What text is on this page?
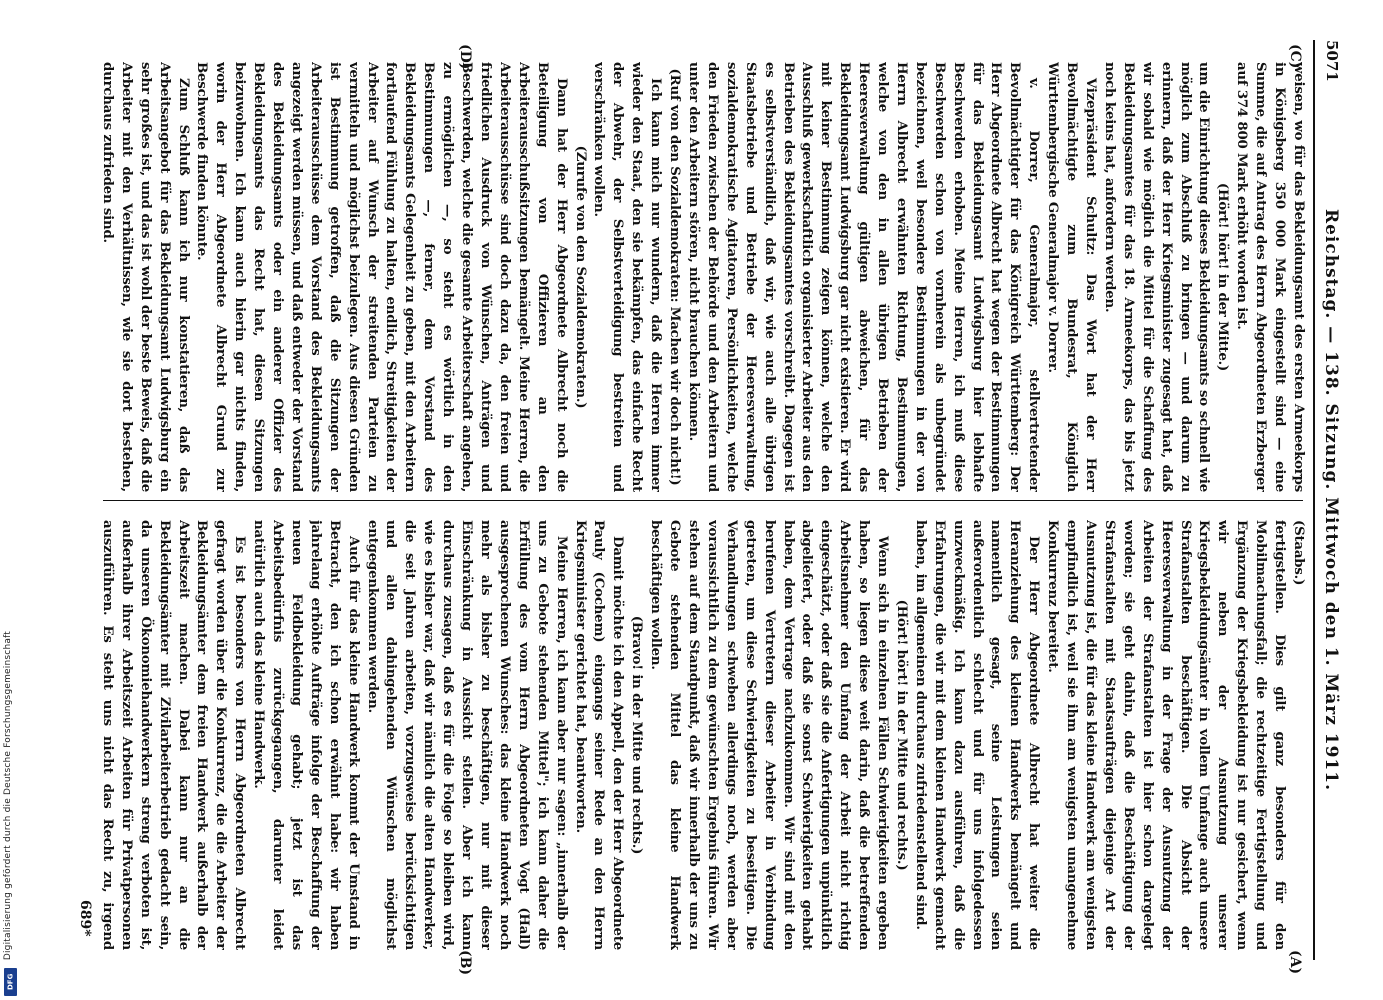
Digitalisierung gefördert durch die Deutsche Forschungsgemeinschaft
DFG
5071
Reichstag. — 138. Sitzung. Mittwoch den 1. März 1911.
(C)
(D)
(A)
(B)

weisen, wo für das Bekleidungsamt des ersten Armeekorps in Königsberg 350 000 Mark eingestellt sind — eine Summe, die auf Antrag des Herrn Abgeordneten Erzberger auf 374 800 Mark erhöht worden ist.

(Hört! hört! in der Mitte.)

um die Einrichtung dieses Bekleidungsamts so schnell wie möglich zum Abschluß zu bringen — und darum zu erinnern, daß der Herr Kriegsminister zugesagt hat, daß wir sobald wie möglich die Mittel für die Schaffung des Bekleidungsamtes für das 18. Armeekorps, das bis jetzt noch keins hat, anfordern werden.

Vizepräsident Schultz: Das Wort hat der Herr Bevollmächtigte zum Bundesrat, Königlich Württembergische Generalmajor v. Dorrer.

v. Dorrer, Generalmajor, stellvertretender Bevollmächtigter für das Königreich Württemberg: Der Herr Abgeordnete Albrecht hat wegen der Bestimmungen für das Bekleidungsamt Ludwigsburg hier lebhafte Beschwerden erhoben. Meine Herren, ich muß diese Beschwerden schon von vornherein als unbegründet bezeichnen, weil besondere Bestimmungen in der von Herrn Albrecht erwähnten Richtung, Bestimmungen, welche von den in allen übrigen Betrieben der Heeresverwaltung gültigen abweichen, für das Bekleidungsamt Ludwigsburg gar nicht existieren. Er wird mit keiner Bestimmung zeigen können, welche den Ausschluß gewerkschaftlich organisierter Arbeiter aus den Betrieben des Bekleidungsamtes vorschreibt. Dagegen ist es selbstverständlich, daß wir, wie auch alle übrigen Staatsbetriebe und Betriebe der Heeresverwaltung, sozialdemokratische Agitatoren, Persönlichkeiten, welche den Frieden zwischen der Behörde und den Arbeitern und unter den Arbeitern stören, nicht brauchen können.

(Ruf von den Sozialdemokraten: Machen wir doch nicht!)

Ich kann mich nur wundern, daß die Herren immer wieder den Staat, den sie bekämpfen, das einfache Recht der Abwehr, der Selbstverteidigung bestreiten und verschränken wollen.

(Zurufe von den Sozialdemokraten.)

Dann hat der Herr Abgeordnete Albrecht noch die Beteiligung von Offizieren an den Arbeiterausschußsitzungen bemängelt. Meine Herren, die Arbeiterausschüsse sind doch dazu da, den freien und friedlichen Ausdruck von Wünschen, Anträgen und Beschwerden, welche die gesamte Arbeiterschaft angehen, zu ermöglichen —, so steht es wörtlich in den Bestimmungen —, ferner, dem Vorstand des Bekleidungsamts Gelegenheit zu geben, mit den Arbeitern fortlaufend Fühlung zu halten, endlich, Streitigkeiten der Arbeiter auf Wunsch der streitenden Parteien zu vermitteln und möglichst beizulegen. Aus diesen Gründen ist Bestimmung getroffen, daß die Sitzungen der Arbeiterausschüsse dem Vorstand des Bekleidungsamts angezeigt werden müssen, und daß entweder der Vorstand des Bekleidungsamts oder ein anderer Offizier des Bekleidungsamts das Recht hat, diesen Sitzungen beizuwohnen. Ich kann auch hierin gar nichts finden, worin der Herr Abgeordnete Albrecht Grund zur Beschwerde finden könnte.

Zum Schluß kann ich nur konstatieren, daß das Arbeitsangebot für das Bekleidungsamt Ludwigsburg ein sehr großes ist, und das ist wohl der beste Beweis, daß die Arbeiter mit den Verhältnissen, wie sie dort bestehen, durchaus zufrieden sind.

(Staabs.)

fertigstellen. Dies gilt ganz besonders für den Mobilmachungsfall; die rechtzeitige Fertigstellung und Ergänzung der Kriegsbekleidung ist nur gesichert, wenn wir neben der Ausnutzung unserer Kriegsbekleidungsämter in vollem Umfange auch unsere Strafanstalten beschäftigen. Die Absicht der Heeresverwaltung in der Frage der Ausnutzung der Arbeiten der Strafanstalten ist hier schon dargelegt worden; sie geht dahin, daß die Beschäftigung der Strafanstalten mit Staatsaufträgen diejenige Art der Ausnutzung ist, die für das kleine Handwerk am wenigsten empfindlich ist, weil sie ihm am wenigsten unangenehme Konkurrenz bereitet.

Der Herr Abgeordnete Albrecht hat weiter die Heranziehung des kleinen Handwerks bemängelt und namentlich gesagt, seine Leistungen seien außerordentlich schlecht und für uns infolgedessen unzweckmäßig. Ich kann dazu ausführen, daß die Erfahrungen, die wir mit dem kleinen Handwerk gemacht haben, im allgemeinen durchaus zufriedenstellend sind.

(Hört! hört! in der Mitte und rechts.)

Wenn sich in einzelnen Fällen Schwierigkeiten ergeben haben, so liegen diese weit darin, daß die betreffenden Arbeitsnehmer den Umfang der Arbeit nicht richtig eingeschätzt, oder daß sie die Anfertigungen unpünktlich abgeliefert, oder daß sie sonst Schwierigkeiten gehabt haben, dem Vertrage nachzukommen. Wir sind mit den berufenen Vertretern dieser Arbeiter in Verbindung getreten, um diese Schwierigkeiten zu beseitigen. Die Verhandlungen schweben allerdings noch, werden aber voraussichtlich zu dem gewünschten Ergebnis führen. Wir stehen auf dem Standpunkt, daß wir innerhalb der uns zu Gebote stehenden Mittel das kleine Handwerk beschäftigen wollen.

(Bravo! in der Mitte und rechts.)

Damit möchte ich den Appell, den der Herr Abgeordnete Pauly (Cochem) eingangs seiner Rede an den Herrn Kriegsminister gerichtet hat, beantworten.

Meine Herren, ich kann aber nur sagen: „innerhalb der uns zu Gebote stehenden Mittel"; ich kann daher die Erfüllung des vom Herrn Abgeordneten Vogt (Hall) ausgesprochenen Wunsches: das kleine Handwerk noch mehr als bisher zu beschäftigen, nur mit dieser Einschränkung in Aussicht stellen. Aber ich kann durchaus zusagen, daß es für die Folge so bleiben wird, wie es bisher war, daß wir nämlich die alten Handwerker, die seit Jahren arbeiten, vorzugsweise berücksichtigen und allen dahingehenden Wünschen möglichst entgegenkommen werden.

Auch für das kleine Handwerk kommt der Umstand in Betracht, den ich schon erwähnt habe: wir haben jahrelang erhöhte Aufträge infolge der Beschaffung der neuen Feldbekleidung gehabt; jetzt ist das Arbeitsbedürfnis zurückgegangen, darunter leidet natürlich auch das kleine Handwerk.

Es ist besonders von Herrn Abgeordneten Albrecht gefragt worden über die Konkurrenz, die die Arbeiter der Bekleidungsämter dem freien Handwerk außerhalb der Arbeitszeit machen. Dabei kann nur an die Bekleidungsämter mit Zivilarbeiterbetrieb gedacht sein, da unseren Ökonomiehandwerkern streng verboten ist, außerhalb ihrer Arbeitszeit Arbeiten für Privatpersonen auszuführen. Es steht uns nicht das Recht zu, irgend

689*
